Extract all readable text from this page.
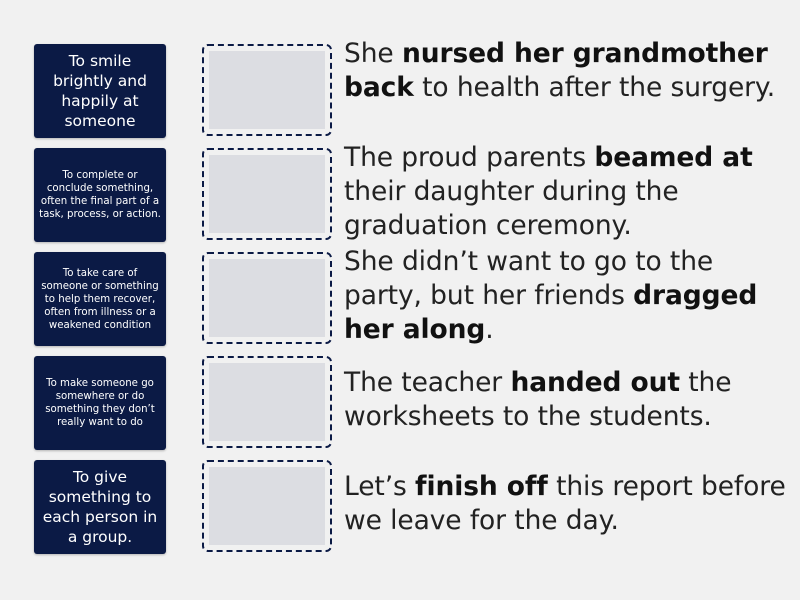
To smile brightly and happily at someone
To complete or conclude something, often the final part of a task, process, or action.
To take care of someone or something to help them recover, often from illness or a weakened condition
To make someone go somewhere or do something they don’t really want to do
To give something to each person in a group.
She nursed her grandmother back to health after the surgery.
The proud parents beamed at their daughter during the graduation ceremony.
She didn’t want to go to the party, but her friends dragged her along.
The teacher handed out the worksheets to the students.
Let’s finish off this report before we leave for the day.
